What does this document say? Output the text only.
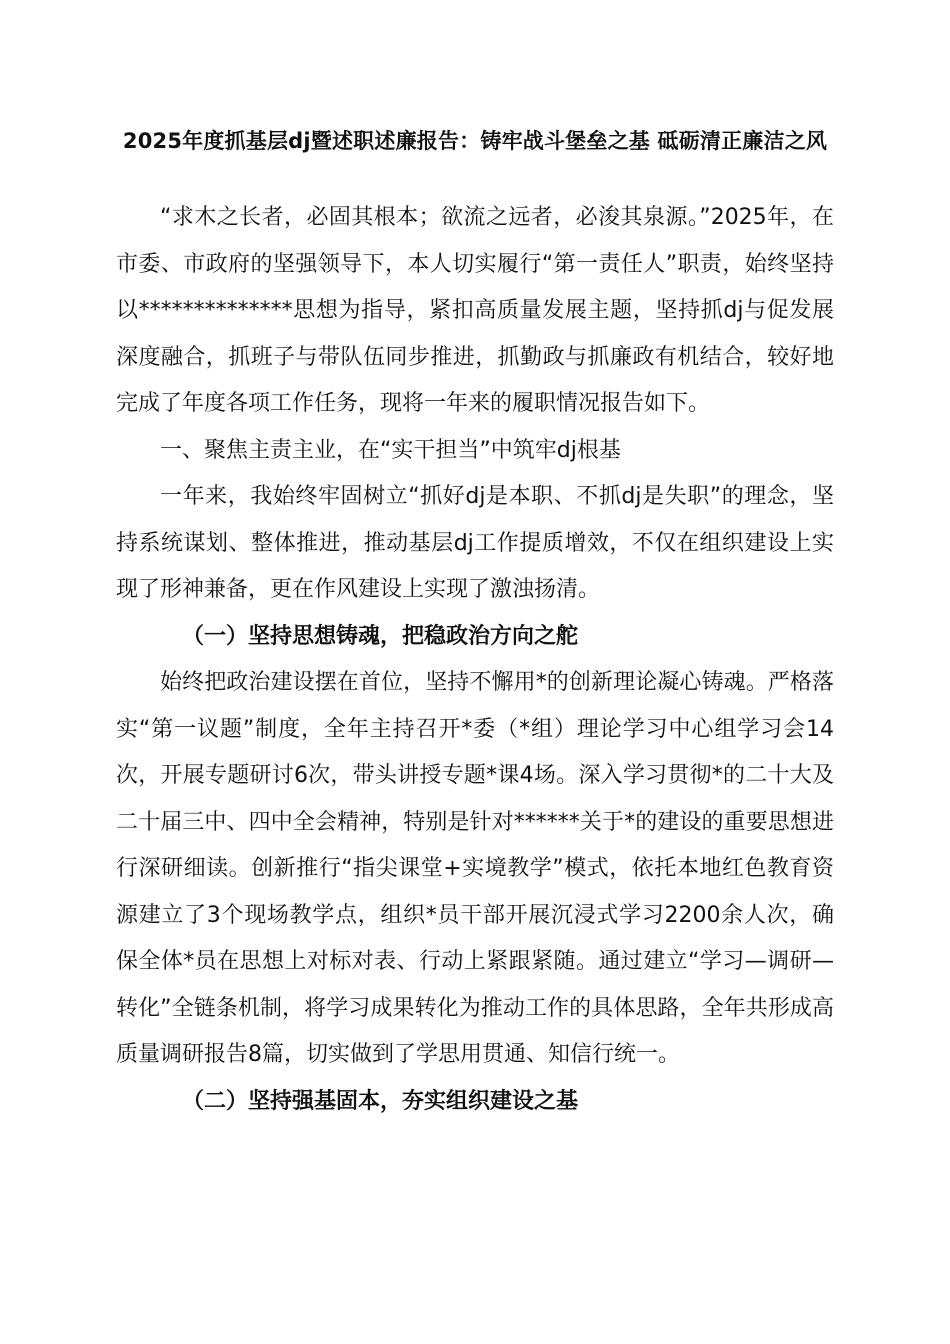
2025年度抓基层dj暨述职述廉报告：铸牢战斗堡垒之基 砥砺清正廉洁之风

“求木之长者，必固其根本；欲流之远者，必浚其泉源。”2025年，在市委、市政府的坚强领导下，本人切实履行“第一责任人”职责，始终坚持以**************思想为指导，紧扣高质量发展主题，坚持抓dj与促发展深度融合，抓班子与带队伍同步推进，抓勤政与抓廉政有机结合，较好地完成了年度各项工作任务，现将一年来的履职情况报告如下。

一、聚焦主责主业，在“实干担当”中筑牢dj根基

一年来，我始终牢固树立“抓好dj是本职、不抓dj是失职”的理念，坚持系统谋划、整体推进，推动基层dj工作提质增效，不仅在组织建设上实现了形神兼备，更在作风建设上实现了激浊扬清。

（一）坚持思想铸魂，把稳政治方向之舵

始终把政治建设摆在首位，坚持不懈用*的创新理论凝心铸魂。严格落实“第一议题”制度，全年主持召开*委（*组）理论学习中心组学习会14次，开展专题研讨6次，带头讲授专题*课4场。深入学习贯彻*的二十大及二十届三中、四中全会精神，特别是针对******关于*的建设的重要思想进行深研细读。创新推行“指尖课堂+实境教学”模式，依托本地红色教育资源建立了3个现场教学点，组织*员干部开展沉浸式学习2200余人次，确保全体*员在思想上对标对表、行动上紧跟紧随。通过建立“学习—调研—转化”全链条机制，将学习成果转化为推动工作的具体思路，全年共形成高质量调研报告8篇，切实做到了学思用贯通、知信行统一。

（二）坚持强基固本，夯实组织建设之基
